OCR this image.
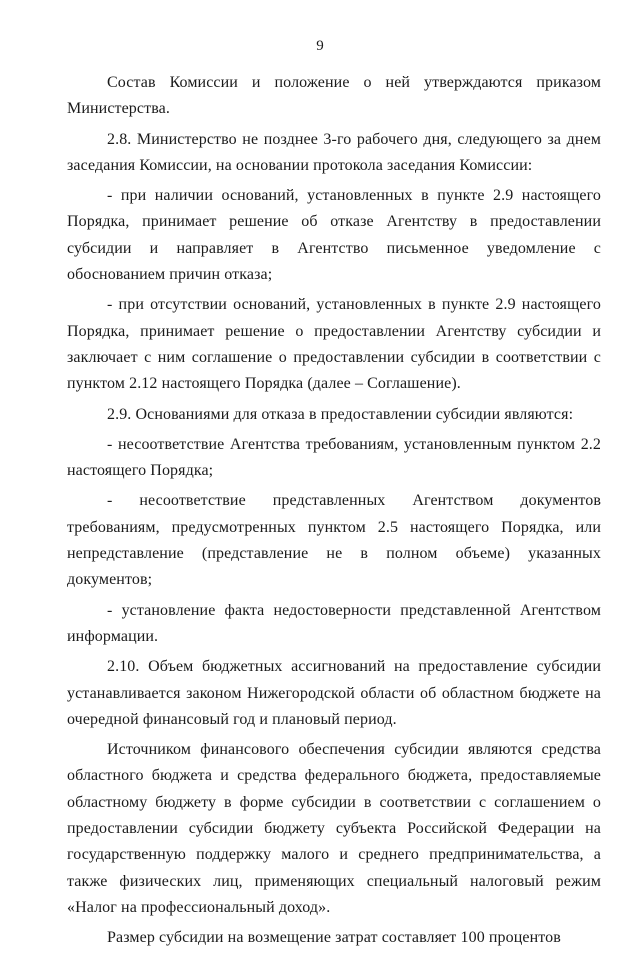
9

Состав Комиссии и положение о ней утверждаются приказом Министерства.

2.8. Министерство не позднее 3-го рабочего дня, следующего за днем заседания Комиссии, на основании протокола заседания Комиссии:

- при наличии оснований, установленных в пункте 2.9 настоящего Порядка, принимает решение об отказе Агентству в предоставлении субсидии и направляет в Агентство письменное уведомление с обоснованием причин отказа;

- при отсутствии оснований, установленных в пункте 2.9 настоящего Порядка, принимает решение о предоставлении Агентству субсидии и заключает с ним соглашение о предоставлении субсидии в соответствии с пунктом 2.12 настоящего Порядка (далее – Соглашение).

2.9. Основаниями для отказа в предоставлении субсидии являются:

- несоответствие Агентства требованиям, установленным пунктом 2.2 настоящего Порядка;

- несоответствие представленных Агентством документов требованиям, предусмотренных пунктом 2.5 настоящего Порядка, или непредставление (представление не в полном объеме) указанных документов;

- установление факта недостоверности представленной Агентством информации.

2.10. Объем бюджетных ассигнований на предоставление субсидии устанавливается законом Нижегородской области об областном бюджете на очередной финансовый год и плановый период.

Источником финансового обеспечения субсидии являются средства областного бюджета и средства федерального бюджета, предоставляемые областному бюджету в форме субсидии в соответствии с соглашением о предоставлении субсидии бюджету субъекта Российской Федерации на государственную поддержку малого и среднего предпринимательства, а также физических лиц, применяющих специальный налоговый режим «Налог на профессиональный доход».

Размер субсидии на возмещение затрат составляет 100 процентов
